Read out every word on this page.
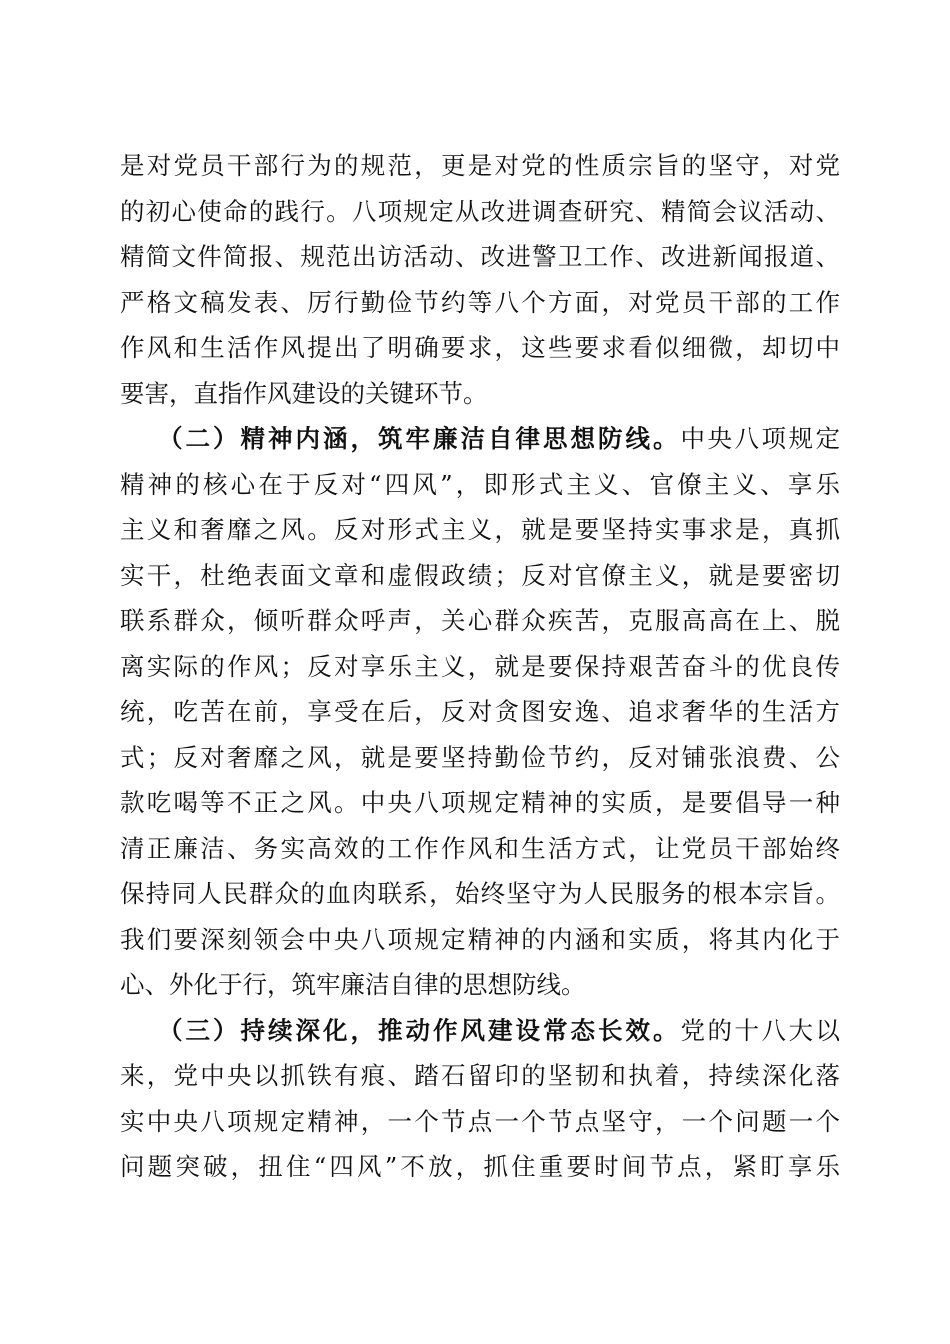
是对党员干部行为的规范，更是对党的性质宗旨的坚守，对党
的初心使命的践行。八项规定从改进调查研究、精简会议活动、
精简文件简报、规范出访活动、改进警卫工作、改进新闻报道、
严格文稿发表、厉行勤俭节约等八个方面，对党员干部的工作
作风和生活作风提出了明确要求，这些要求看似细微，却切中
要害，直指作风建设的关键环节。
（二）精神内涵，筑牢廉洁自律思想防线。中央八项规定
精神的核心在于反对“四风”，即形式主义、官僚主义、享乐
主义和奢靡之风。反对形式主义，就是要坚持实事求是，真抓
实干，杜绝表面文章和虚假政绩；反对官僚主义，就是要密切
联系群众，倾听群众呼声，关心群众疾苦，克服高高在上、脱
离实际的作风；反对享乐主义，就是要保持艰苦奋斗的优良传
统，吃苦在前，享受在后，反对贪图安逸、追求奢华的生活方
式；反对奢靡之风，就是要坚持勤俭节约，反对铺张浪费、公
款吃喝等不正之风。中央八项规定精神的实质，是要倡导一种
清正廉洁、务实高效的工作作风和生活方式，让党员干部始终
保持同人民群众的血肉联系，始终坚守为人民服务的根本宗旨。
我们要深刻领会中央八项规定精神的内涵和实质，将其内化于
心、外化于行，筑牢廉洁自律的思想防线。
（三）持续深化，推动作风建设常态长效。党的十八大以
来，党中央以抓铁有痕、踏石留印的坚韧和执着，持续深化落
实中央八项规定精神，一个节点一个节点坚守，一个问题一个
问题突破，扭住“四风”不放，抓住重要时间节点，紧盯享乐
